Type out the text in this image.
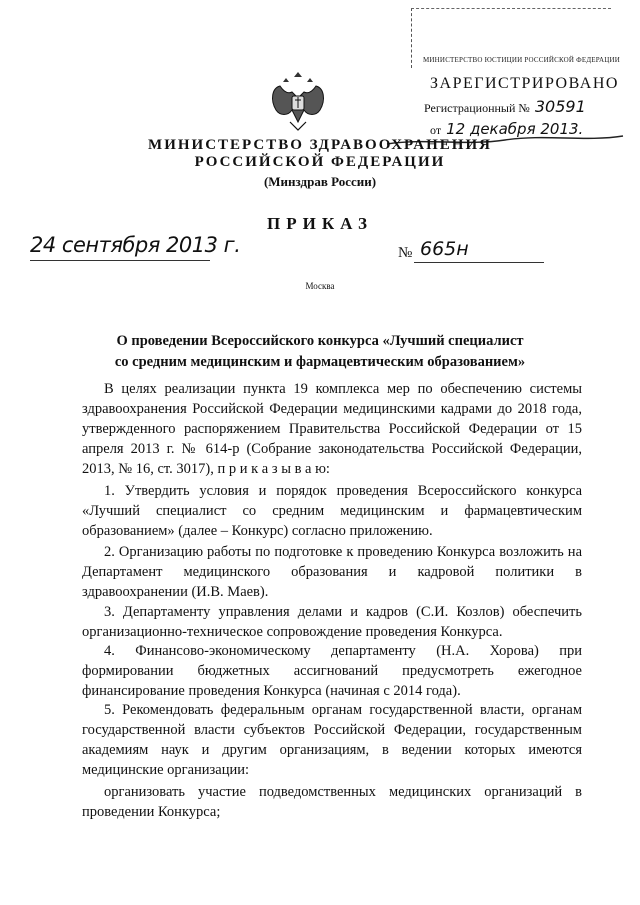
МИНИСТЕРСТВО ЮСТИЦИИ РОССИЙСКОЙ ФЕДЕРАЦИИ
ЗАРЕГИСТРИРОВАНО
Регистрационный № 30591
от 12 декабря 2013.
МИНИСТЕРСТВО ЗДРАВООХРАНЕНИЯ
РОССИЙСКОЙ ФЕДЕРАЦИИ
(Минздрав России)
ПРИКАЗ
24 сентября 2013 г.	№ 665н
Москва
О проведении Всероссийского конкурса «Лучший специалист
со средним медицинским и фармацевтическим образованием»
В целях реализации пункта 19 комплекса мер по обеспечению системы здравоохранения Российской Федерации медицинскими кадрами до 2018 года, утвержденного распоряжением Правительства Российской Федерации от 15 апреля 2013 г. № 614-р (Собрание законодательства Российской Федерации, 2013, № 16, ст. 3017), п р и к а з ы в а ю:
1. Утвердить условия и порядок проведения Всероссийского конкурса «Лучший специалист со средним медицинским и фармацевтическим образованием» (далее – Конкурс) согласно приложению.
2. Организацию работы по подготовке к проведению Конкурса возложить на Департамент медицинского образования и кадровой политики в здравоохранении (И.В. Маев).
3. Департаменту управления делами и кадров (С.И. Козлов) обеспечить организационно-техническое сопровождение проведения Конкурса.
4. Финансово-экономическому департаменту (Н.А. Хорова) при формировании бюджетных ассигнований предусмотреть ежегодное финансирование проведения Конкурса (начиная с 2014 года).
5. Рекомендовать федеральным органам государственной власти, органам государственной власти субъектов Российской Федерации, государственным академиям наук и другим организациям, в ведении которых имеются медицинские организации:
организовать участие подведомственных медицинских организаций в проведении Конкурса;
